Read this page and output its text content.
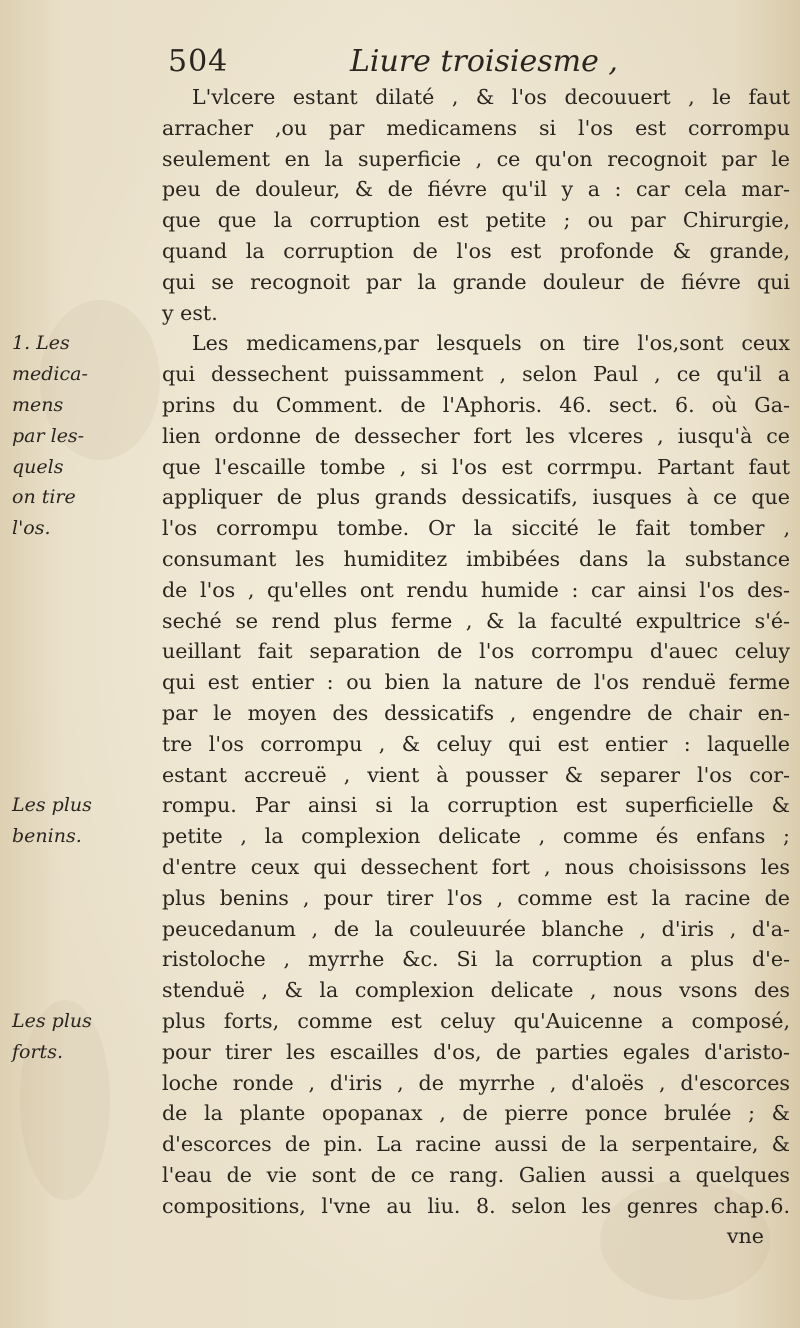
504	Liure troisiesme ,
L'vlcere estant dilaté , & l'os decouuert , le faut
arracher ,ou par medicamens si l'os est corrompu
seulement en la superficie , ce qu'on recognoit par le
peu de douleur, & de fiévre qu'il y a : car cela mar-
que que la corruption est petite ; ou par Chirurgie,
quand la corruption de l'os est profonde & grande,
qui se recognoit par la grande douleur de fiévre qui
y est.
Les medicamens,par lesquels on tire l'os,sont ceux
qui dessechent puissamment , selon Paul , ce qu'il a
prins du Comment. de l'Aphoris. 46. sect. 6. où Ga-
lien ordonne de dessecher fort les vlceres , iusqu'à ce
que l'escaille tombe , si l'os est corrmpu. Partant faut
appliquer de plus grands dessicatifs, iusques à ce que
l'os corrompu tombe. Or la siccité le fait tomber ,
consumant les humiditez imbibées dans la substance
de l'os , qu'elles ont rendu humide : car ainsi l'os des-
seché se rend plus ferme , & la faculté expultrice s'é-
ueillant fait separation de l'os corrompu d'auec celuy
qui est entier : ou bien la nature de l'os renduë ferme
par le moyen des dessicatifs , engendre de chair en-
tre l'os corrompu , & celuy qui est entier : laquelle
estant accreuë , vient à pousser & separer l'os cor-
rompu. Par ainsi si la corruption est superficielle &
petite , la complexion delicate , comme és enfans ;
d'entre ceux qui dessechent fort , nous choisissons les
plus benins , pour tirer l'os , comme est la racine de
peucedanum , de la couleuurée blanche , d'iris , d'a-
ristoloche , myrrhe &c. Si la corruption a plus d'e-
stenduë , & la complexion delicate , nous vsons des
plus forts, comme est celuy qu'Auicenne a composé,
pour tirer les escailles d'os, de parties egales d'aristo-
loche ronde , d'iris , de myrrhe , d'aloës , d'escorces
de la plante opopanax , de pierre ponce brulée ; &
d'escorces de pin. La racine aussi de la serpentaire, &
l'eau de vie sont de ce rang. Galien aussi a quelques
compositions, l'vne au liu. 8. selon les genres chap.6.
vne
1. Les
medica-
mens
par les-
quels
on tire
l'os.
Les plus
benins.
Les plus
forts.
